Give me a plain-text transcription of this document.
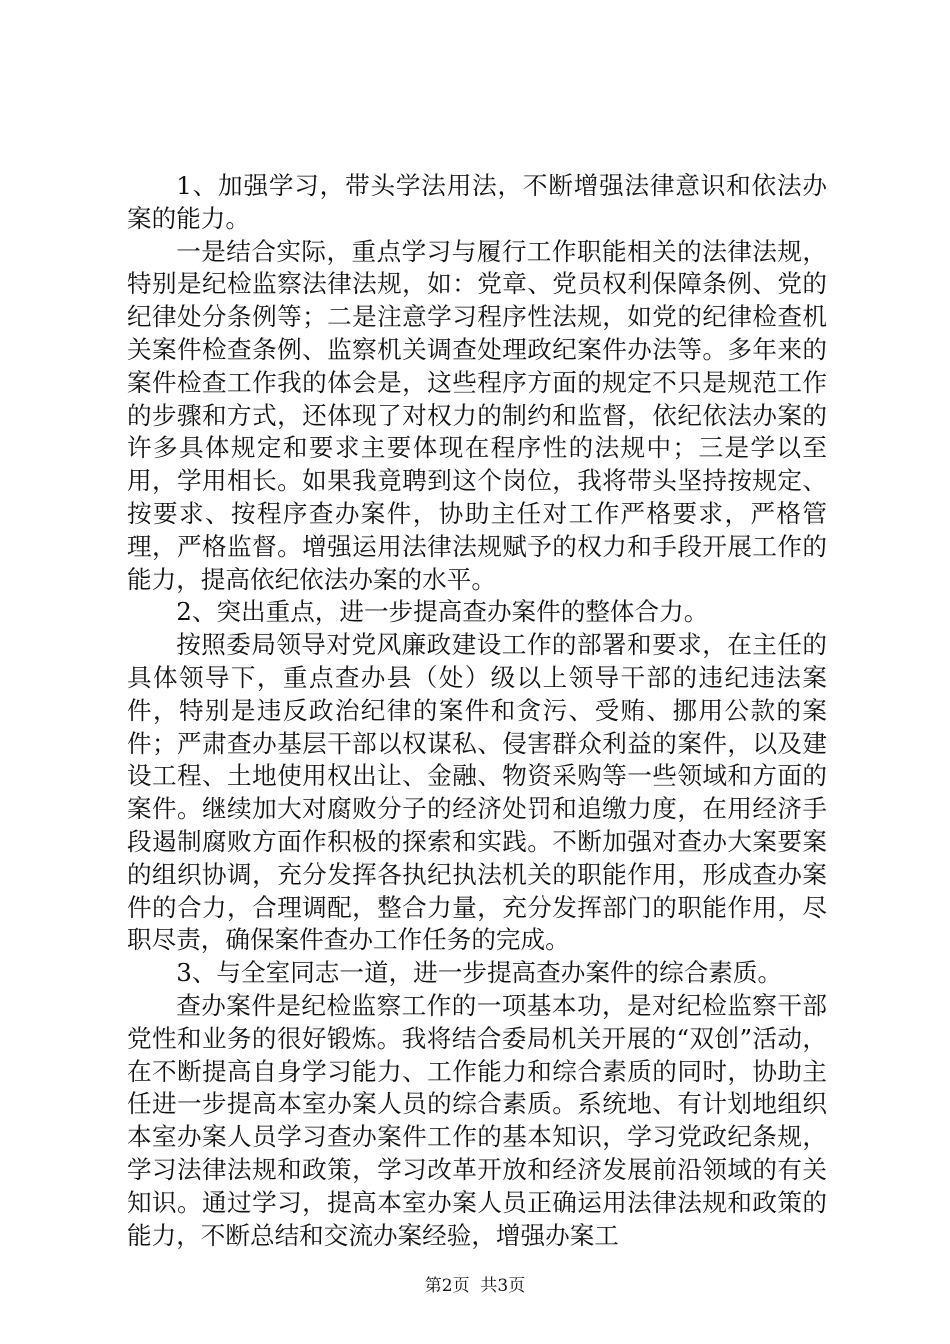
1、加强学习，带头学法用法，不断增强法律意识和依法办案的能力。

一是结合实际，重点学习与履行工作职能相关的法律法规，特别是纪检监察法律法规，如：党章、党员权利保障条例、党的纪律处分条例等；二是注意学习程序性法规，如党的纪律检查机关案件检查条例、监察机关调查处理政纪案件办法等。多年来的案件检查工作我的体会是，这些程序方面的规定不只是规范工作的步骤和方式，还体现了对权力的制约和监督，依纪依法办案的许多具体规定和要求主要体现在程序性的法规中；三是学以至用，学用相长。如果我竟聘到这个岗位，我将带头坚持按规定、按要求、按程序查办案件，协助主任对工作严格要求，严格管理，严格监督。增强运用法律法规赋予的权力和手段开展工作的能力，提高依纪依法办案的水平。

2、突出重点，进一步提高查办案件的整体合力。

按照委局领导对党风廉政建设工作的部署和要求，在主任的具体领导下，重点查办县（处）级以上领导干部的违纪违法案件，特别是违反政治纪律的案件和贪污、受贿、挪用公款的案件；严肃查办基层干部以权谋私、侵害群众利益的案件，以及建设工程、土地使用权出让、金融、物资采购等一些领域和方面的案件。继续加大对腐败分子的经济处罚和追缴力度，在用经济手段遏制腐败方面作积极的探索和实践。不断加强对查办大案要案的组织协调，充分发挥各执纪执法机关的职能作用，形成查办案件的合力，合理调配，整合力量，充分发挥部门的职能作用，尽职尽责，确保案件查办工作任务的完成。

3、与全室同志一道，进一步提高查办案件的综合素质。

查办案件是纪检监察工作的一项基本功，是对纪检监察干部党性和业务的很好锻炼。我将结合委局机关开展的“双创”活动，在不断提高自身学习能力、工作能力和综合素质的同时，协助主任进一步提高本室办案人员的综合素质。系统地、有计划地组织本室办案人员学习查办案件工作的基本知识，学习党政纪条规，学习法律法规和政策，学习改革开放和经济发展前沿领域的有关知识。通过学习，提高本室办案人员正确运用法律法规和政策的能力，不断总结和交流办案经验，增强办案工

第2页  共3页
